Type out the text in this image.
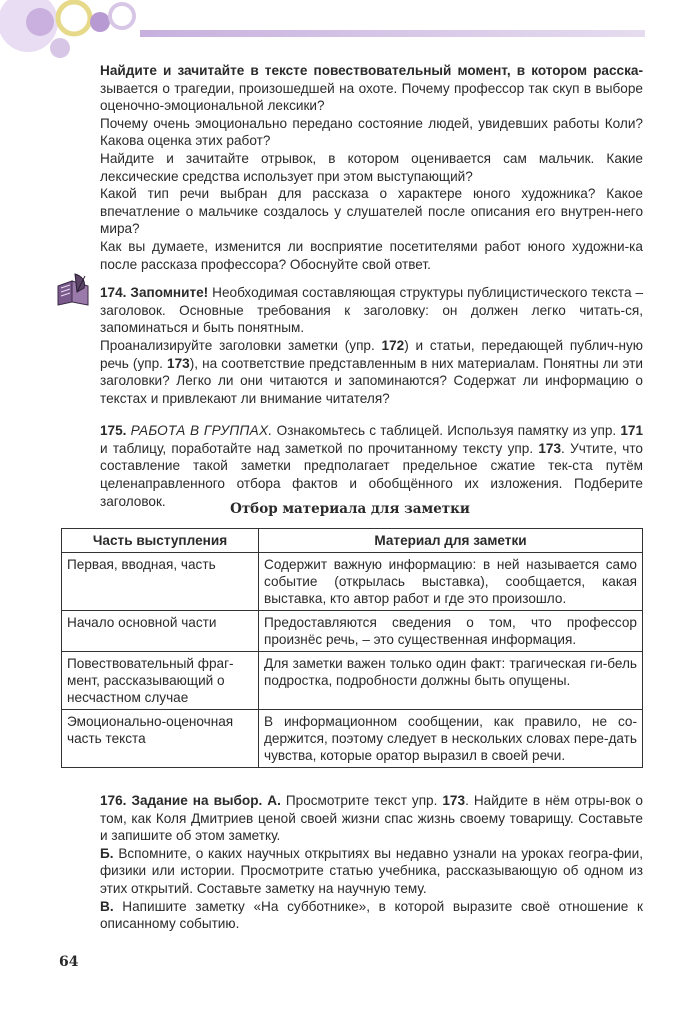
Найдите и зачитайте в тексте повествовательный момент, в котором расска- зывается о трагедии, произошедшей на охоте. Почему профессор так скуп в выборе оценочно-эмоциональной лексики?

Почему очень эмоционально передано состояние людей, увидевших работы Коли? Какова оценка этих работ?

Найдите и зачитайте отрывок, в котором оценивается сам мальчик. Какие лексические средства использует при этом выступающий?

Какой тип речи выбран для рассказа о характере юного художника? Какое впечатление о мальчике создалось у слушателей после описания его внутрен-него мира?

Как вы думаете, изменится ли восприятие посетителями работ юного художни-ка после рассказа профессора? Обоснуйте свой ответ.

174. Запомните! Необходимая составляющая структуры публицистического текста – заголовок. Основные требования к заголовку: он должен легко читать-ся, запоминаться и быть понятным.

Проанализируйте заголовки заметки (упр. 172) и статьи, передающей публич-ную речь (упр. 173), на соответствие представленным в них материалам. Понятны ли эти заголовки? Легко ли они читаются и запоминаются? Содержат ли информацию о текстах и привлекают ли внимание читателя?

175. РАБОТА В ГРУППАХ. Ознакомьтесь с таблицей. Используя памятку из упр. 171 и таблицу, поработайте над заметкой по прочитанному тексту упр. 173. Учтите, что составление такой заметки предполагает предельное сжатие тек-ста путём целенаправленного отбора фактов и обобщённого их изложения. Подберите заголовок.	Отбор материала для заметки
Часть выступления	Материал для заметки
Первая, вводная, часть	Содержит важную информацию: в ней называется само событие (открылась выставка), сообщается, какая выставка, кто автор работ и где это произошло.
Начало основной части	Предоставляются сведения о том, что профессор произнёс речь, – это существенная информация.
Повествовательный фраг-мент, рассказывающий о несчастном случае	Для заметки важен только один факт: трагическая ги-бель подростка, подробности должны быть опущены.
Эмоционально-оценочная часть текста	В информационном сообщении, как правило, не со-держится, поэтому следует в нескольких словах пере-дать чувства, которые оратор выразил в своей речи.

176. Задание на выбор. А. Просмотрите текст упр. 173. Найдите в нём отры-вок о том, как Коля Дмитриев ценой своей жизни спас жизнь своему товарищу. Составьте и запишите об этом заметку.

Б. Вспомните, о каких научных открытиях вы недавно узнали на уроках геогра-фии, физики или истории. Просмотрите статью учебника, рассказывающую об одном из этих открытий. Составьте заметку на научную тему.

В. Напишите заметку «На субботнике», в которой выразите своё отношение к описанному событию.

64
